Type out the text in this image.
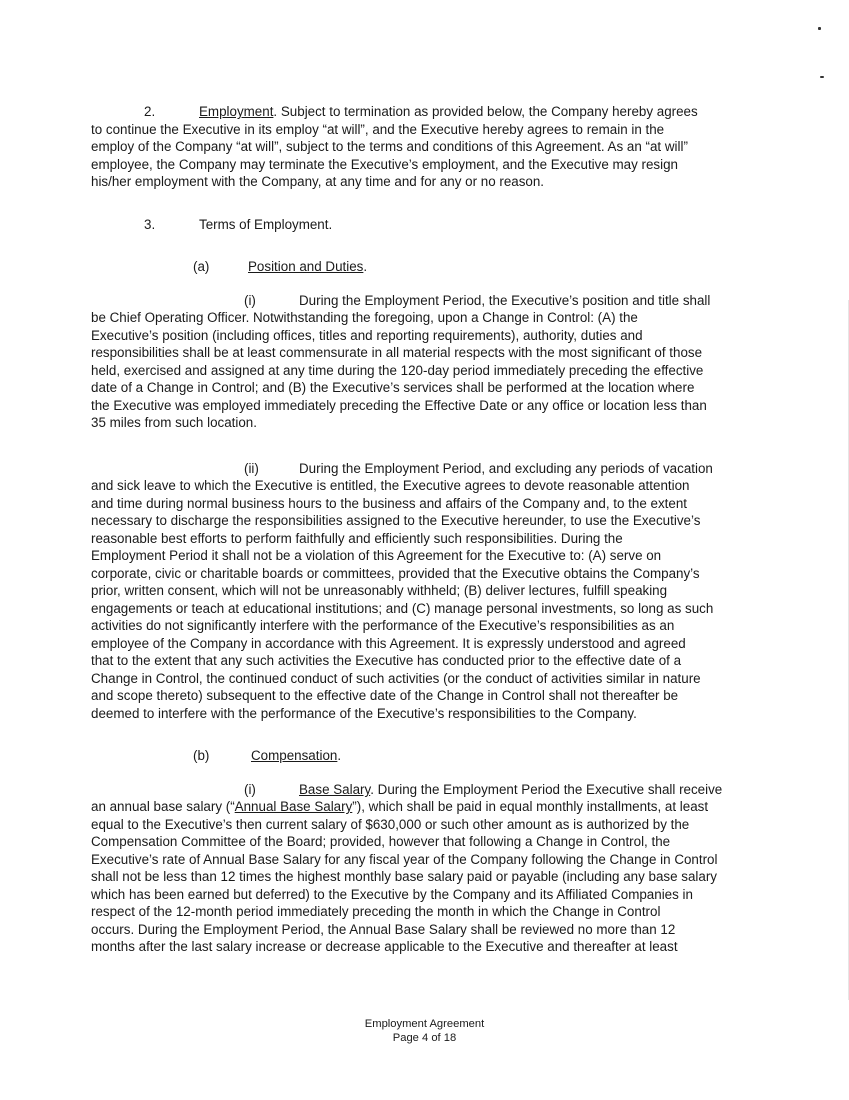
2.	Employment. Subject to termination as provided below, the Company hereby agrees
to continue the Executive in its employ “at will”, and the Executive hereby agrees to remain in the
employ of the Company “at will”, subject to the terms and conditions of this Agreement. As an “at will”
employee, the Company may terminate the Executive’s employment, and the Executive may resign
his/her employment with the Company, at any time and for any or no reason.
3.	Terms of Employment.
(a)	Position and Duties.
(i)	During the Employment Period, the Executive’s position and title shall
be Chief Operating Officer. Notwithstanding the foregoing, upon a Change in Control: (A) the
Executive’s position (including offices, titles and reporting requirements), authority, duties and
responsibilities shall be at least commensurate in all material respects with the most significant of those
held, exercised and assigned at any time during the 120-day period immediately preceding the effective
date of a Change in Control; and (B) the Executive’s services shall be performed at the location where
the Executive was employed immediately preceding the Effective Date or any office or location less than
35 miles from such location.
(ii)	During the Employment Period, and excluding any periods of vacation
and sick leave to which the Executive is entitled, the Executive agrees to devote reasonable attention
and time during normal business hours to the business and affairs of the Company and, to the extent
necessary to discharge the responsibilities assigned to the Executive hereunder, to use the Executive’s
reasonable best efforts to perform faithfully and efficiently such responsibilities. During the
Employment Period it shall not be a violation of this Agreement for the Executive to: (A) serve on
corporate, civic or charitable boards or committees, provided that the Executive obtains the Company’s
prior, written consent, which will not be unreasonably withheld; (B) deliver lectures, fulfill speaking
engagements or teach at educational institutions; and (C) manage personal investments, so long as such
activities do not significantly interfere with the performance of the Executive’s responsibilities as an
employee of the Company in accordance with this Agreement. It is expressly understood and agreed
that to the extent that any such activities the Executive has conducted prior to the effective date of a
Change in Control, the continued conduct of such activities (or the conduct of activities similar in nature
and scope thereto) subsequent to the effective date of the Change in Control shall not thereafter be
deemed to interfere with the performance of the Executive’s responsibilities to the Company.
(b)	Compensation.
(i)	Base Salary. During the Employment Period the Executive shall receive
an annual base salary (“Annual Base Salary”), which shall be paid in equal monthly installments, at least
equal to the Executive’s then current salary of $630,000 or such other amount as is authorized by the
Compensation Committee of the Board; provided, however that following a Change in Control, the
Executive’s rate of Annual Base Salary for any fiscal year of the Company following the Change in Control
shall not be less than 12 times the highest monthly base salary paid or payable (including any base salary
which has been earned but deferred) to the Executive by the Company and its Affiliated Companies in
respect of the 12-month period immediately preceding the month in which the Change in Control
occurs. During the Employment Period, the Annual Base Salary shall be reviewed no more than 12
months after the last salary increase or decrease applicable to the Executive and thereafter at least
Employment Agreement
Page 4 of 18
